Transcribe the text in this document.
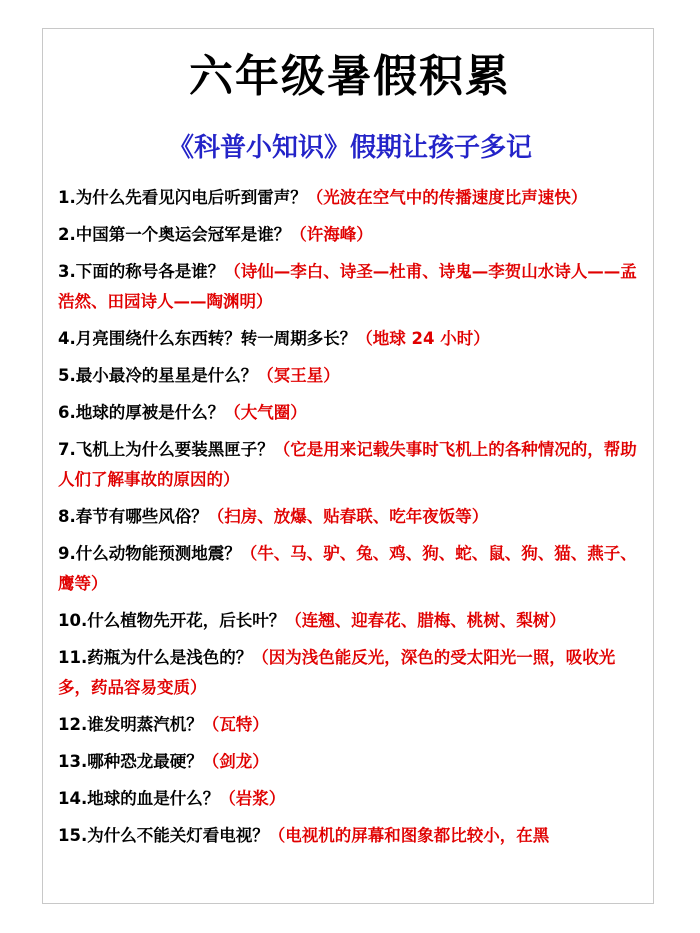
六年级暑假积累
《科普小知识》假期让孩子多记
1.为什么先看见闪电后听到雷声？（光波在空气中的传播速度比声速快）
2.中国第一个奥运会冠军是谁？（许海峰）
3.下面的称号各是谁？（诗仙—李白、诗圣—杜甫、诗鬼—李贺山水诗人——孟浩然、田园诗人——陶渊明）
4.月亮围绕什么东西转？转一周期多长？（地球 24 小时）
5.最小最冷的星星是什么？（冥王星）
6.地球的厚被是什么？（大气圈）
7.飞机上为什么要装黑匣子？（它是用来记载失事时飞机上的各种情况的，帮助人们了解事故的原因的）
8.春节有哪些风俗？（扫房、放爆、贴春联、吃年夜饭等）
9.什么动物能预测地震？（牛、马、驴、兔、鸡、狗、蛇、鼠、狗、猫、燕子、鹰等）
10.什么植物先开花，后长叶？（连翘、迎春花、腊梅、桃树、梨树）
11.药瓶为什么是浅色的？（因为浅色能反光，深色的受太阳光一照，吸收光多，药品容易变质）
12.谁发明蒸汽机？（瓦特）
13.哪种恐龙最硬？（剑龙）
14.地球的血是什么？（岩浆）
15.为什么不能关灯看电视？（电视机的屏幕和图象都比较小，在黑
